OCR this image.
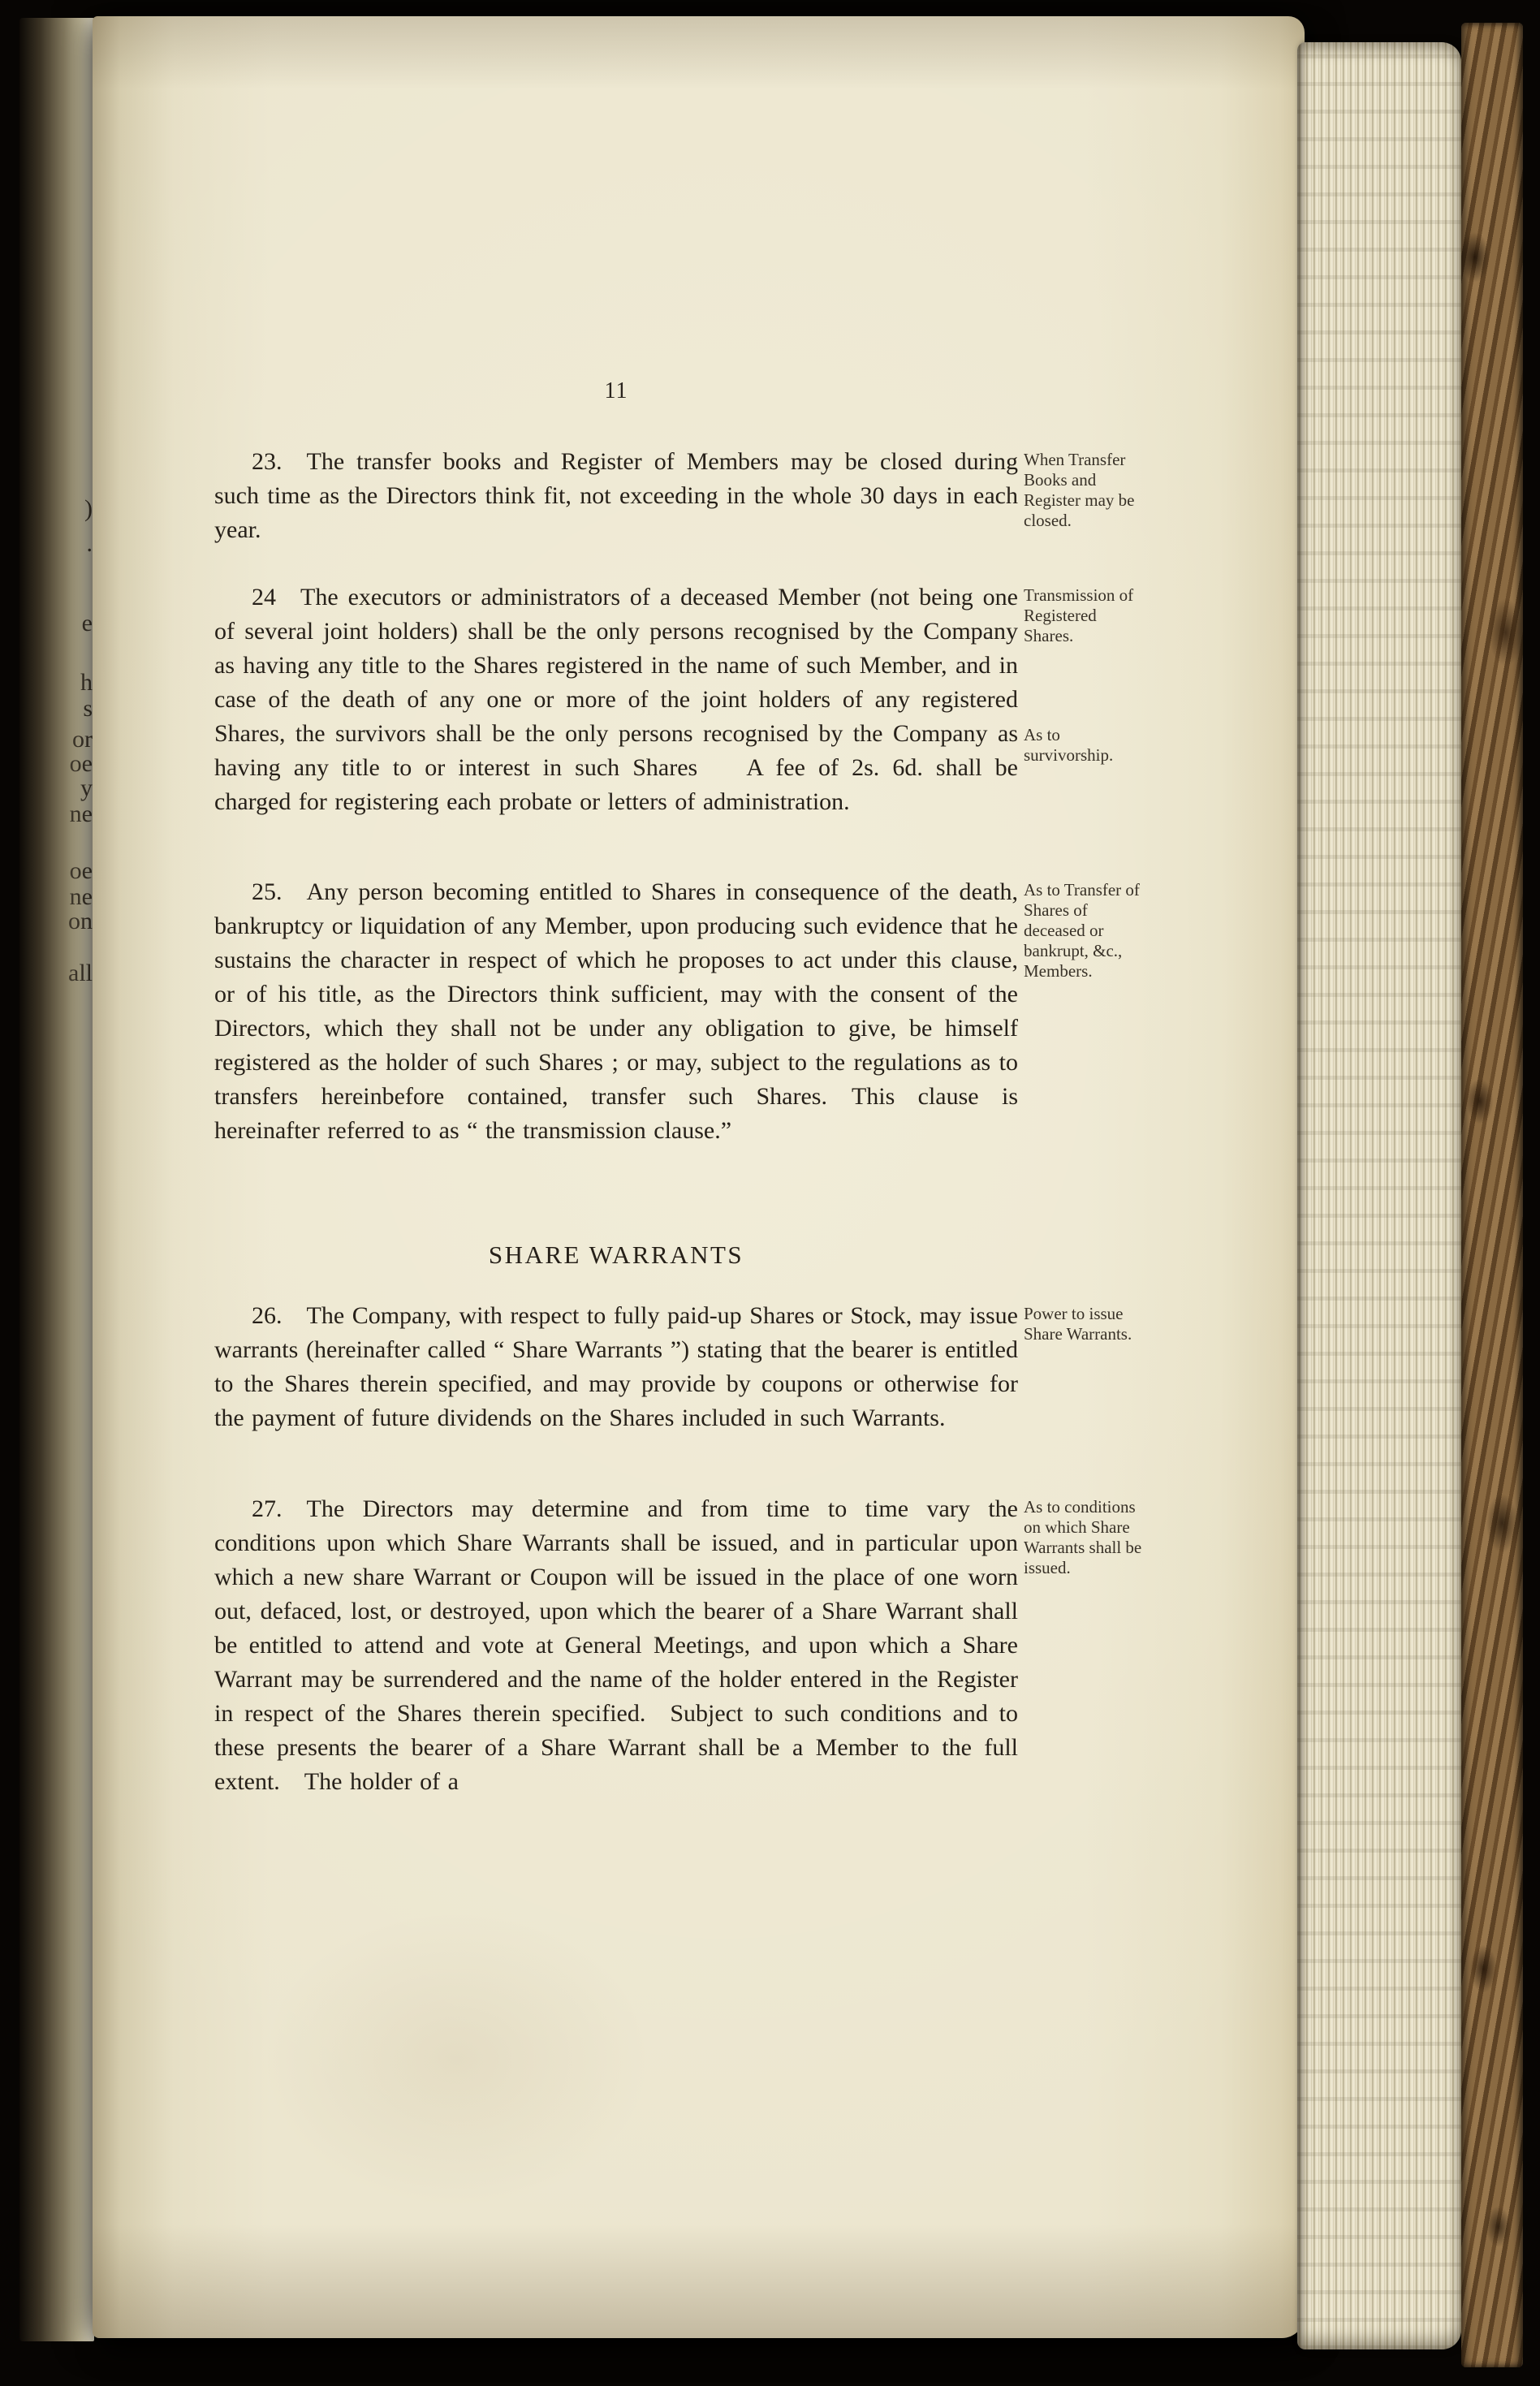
)
.
e
h
s
or
oe
y
ne
oe
ne
on
all
11
23. The transfer books and Register of Members may be closed during such time as the Directors think fit, not exceeding in the whole 30 days in each year.
When Transfer Books and Register may be closed.
24 The executors or administrators of a deceased Member (not being one of several joint holders) shall be the only persons recognised by the Company as having any title to the Shares registered in the name of such Member, and in case of the death of any one or more of the joint holders of any registered Shares, the survivors shall be the only persons recognised by the Company as having any title to or interest in such Shares  A fee of 2s. 6d. shall be charged for registering each probate or letters of administration.
Transmission of Registered Shares.
As to survivorship.
25. Any person becoming entitled to Shares in consequence of the death, bankruptcy or liquidation of any Member, upon producing such evidence that he sustains the character in respect of which he proposes to act under this clause, or of his title, as the Directors think sufficient, may with the consent of the Directors, which they shall not be under any obligation to give, be himself registered as the holder of such Shares ; or may, subject to the regulations as to transfers hereinbefore contained, transfer such Shares. This clause is hereinafter referred to as “ the transmission clause.”
As to Transfer of Shares of deceased or bankrupt, &c., Members.
SHARE WARRANTS
26. The Company, with respect to fully paid-up Shares or Stock, may issue warrants (hereinafter called “ Share Warrants ”) stating that the bearer is entitled to the Shares therein specified, and may provide by coupons or otherwise for the payment of future dividends on the Shares included in such Warrants.
Power to issue Share Warrants.
27. The Directors may determine and from time to time vary the conditions upon which Share Warrants shall be issued, and in particular upon which a new share Warrant or Coupon will be issued in the place of one worn out, defaced, lost, or destroyed, upon which the bearer of a Share Warrant shall be entitled to attend and vote at General Meetings, and upon which a Share Warrant may be surrendered and the name of the holder entered in the Register in respect of the Shares therein specified. Subject to such conditions and to these presents the bearer of a Share Warrant shall be a Member to the full extent. The holder of a
As to conditions on which Share Warrants shall be issued.
